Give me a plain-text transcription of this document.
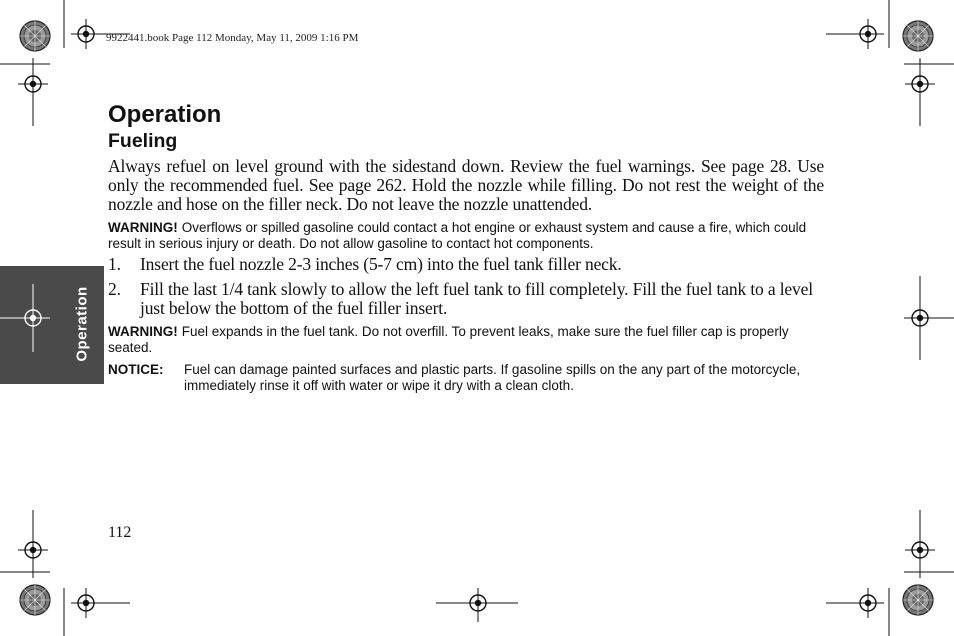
9922441.book Page 112 Monday, May 11, 2009 1:16 PM
Operation
Operation
Fueling

Always refuel on level ground with the sidestand down. Review the fuel warnings. See page 28. Use only the recommended fuel. See page 262. Hold the nozzle while filling. Do not rest the weight of the nozzle and hose on the filler neck. Do not leave the nozzle unattended.

WARNING! Overflows or spilled gasoline could contact a hot engine or exhaust system and cause a fire, which could result in serious injury or death. Do not allow gasoline to contact hot components.

1. Insert the fuel nozzle 2-3 inches (5-7 cm) into the fuel tank filler neck.
2. Fill the last 1/4 tank slowly to allow the left fuel tank to fill completely. Fill the fuel tank to a level just below the bottom of the fuel filler insert.

WARNING! Fuel expands in the fuel tank. Do not overfill. To prevent leaks, make sure the fuel filler cap is properly seated.

NOTICE:	Fuel can damage painted surfaces and plastic parts. If gasoline spills on the any part of the motorcycle, immediately rinse it off with water or wipe it dry with a clean cloth.
112
